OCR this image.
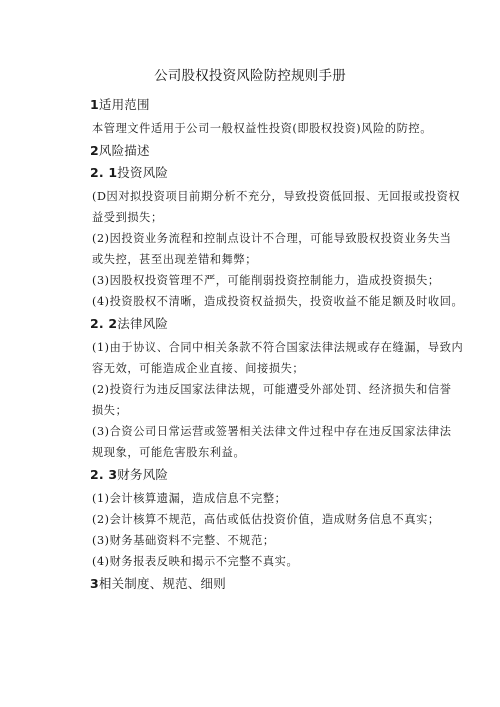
公司股权投资风险防控规则手册
1适用范围
本管理文件适用于公司一般权益性投资(即股权投资)风险的防控。
2风险描述
2. 1投资风险
(D因对拟投资项目前期分析不充分，导致投资低回报、无回报或投资权
益受到损失；
(2)因投资业务流程和控制点设计不合理，可能导致股权投资业务失当
或失控，甚至出现差错和舞弊；
(3)因股权投资管理不严，可能削弱投资控制能力，造成投资损失；
(4)投资股权不清晰，造成投资权益损失，投资收益不能足额及时收回。
2. 2法律风险
(1)由于协议、合同中相关条款不符合国家法律法规或存在缝漏，导致内
容无效，可能造成企业直接、间接损失；
(2)投资行为违反国家法律法规，可能遭受外部处罚、经济损失和信誉
损失；
(3)合资公司日常运营或签署相关法律文件过程中存在违反国家法律法
规现象，可能危害股东利益。
2. 3财务风险
(1)会计核算遗漏，造成信息不完整；
(2)会计核算不规范，高估或低估投资价值，造成财务信息不真实；
(3)财务基础资料不完整、不规范；
(4)财务报表反映和揭示不完整不真实。
3相关制度、规范、细则
